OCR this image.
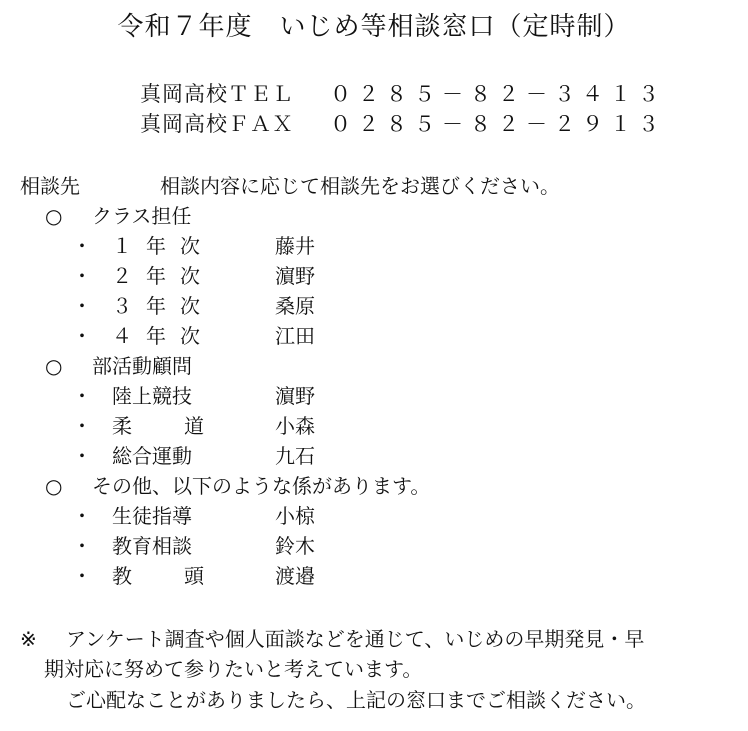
令和７年度　いじめ等相談窓口（定時制）
真岡高校ＴＥＬ ０２８５－８２－３４１３
真岡高校ＦＡＸ ０２８５－８２－２９１３
相談先	相談内容に応じて相談先をお選びください。
○ クラス担任
・ １年次	藤井
・ ２年次	濵野
・ ３年次	桑原
・ ４年次	江田
○ 部活動顧問
・ 陸上競技	濵野
・ 柔道 小森
・ 総合運動	九石
○ その他、以下のような係があります。
・ 生徒指導	小椋
・ 教育相談	鈴木
・ 教頭 渡邉
※ アンケート調査や個人面談などを通じて、いじめの早期発見・早
期対応に努めて参りたいと考えています。
ご心配なことがありましたら、上記の窓口までご相談ください。
